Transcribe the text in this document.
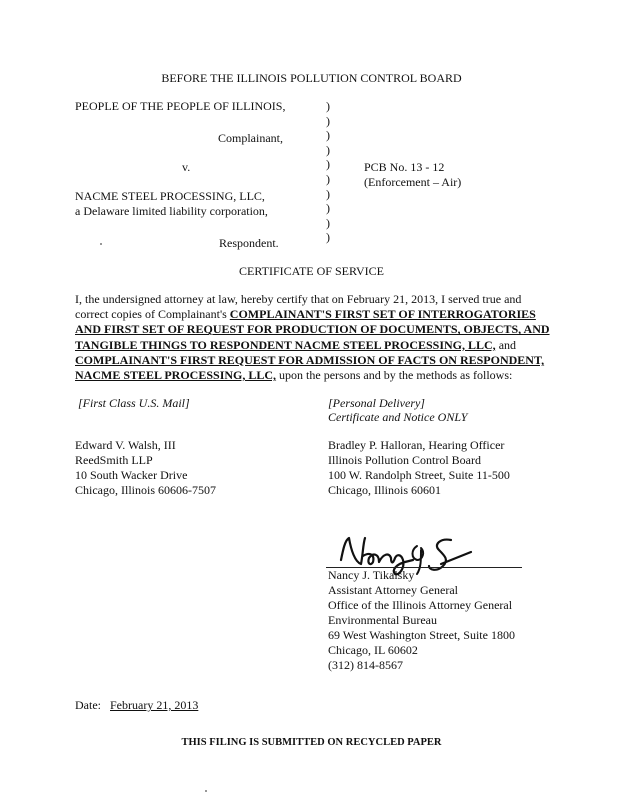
BEFORE THE ILLINOIS POLLUTION CONTROL BOARD
PEOPLE OF THE PEOPLE OF ILLINOIS,
Complainant,
v.
NACME STEEL PROCESSING, LLC,
a Delaware limited liability corporation,
Respondent.
PCB No. 13 - 12
(Enforcement – Air)
)
)
)
)
)
)
)
)
)
)
CERTIFICATE OF SERVICE
I, the undersigned attorney at law, hereby certify that on February 21, 2013, I served true and correct copies of Complainant's COMPLAINANT'S FIRST SET OF INTERROGATORIES AND FIRST SET OF REQUEST FOR PRODUCTION OF DOCUMENTS, OBJECTS, AND TANGIBLE THINGS TO RESPONDENT NACME STEEL PROCESSING, LLC, and COMPLAINANT'S FIRST REQUEST FOR ADMISSION OF FACTS ON RESPONDENT, NACME STEEL PROCESSING, LLC, upon the persons and by the methods as follows:
[First Class U.S. Mail]	[Personal Delivery]
Certificate and Notice ONLY
Edward V. Walsh, III
ReedSmith LLP
10 South Wacker Drive
Chicago, Illinois 60606-7507
Bradley P. Halloran, Hearing Officer
Illinois Pollution Control Board
100 W. Randolph Street, Suite 11-500
Chicago, Illinois 60601
Nancy J. Tikalsky
Assistant Attorney General
Office of the Illinois Attorney General
Environmental Bureau
69 West Washington Street, Suite 1800
Chicago, IL 60602
(312) 814-8567
Date: February 21, 2013
THIS FILING IS SUBMITTED ON RECYCLED PAPER
